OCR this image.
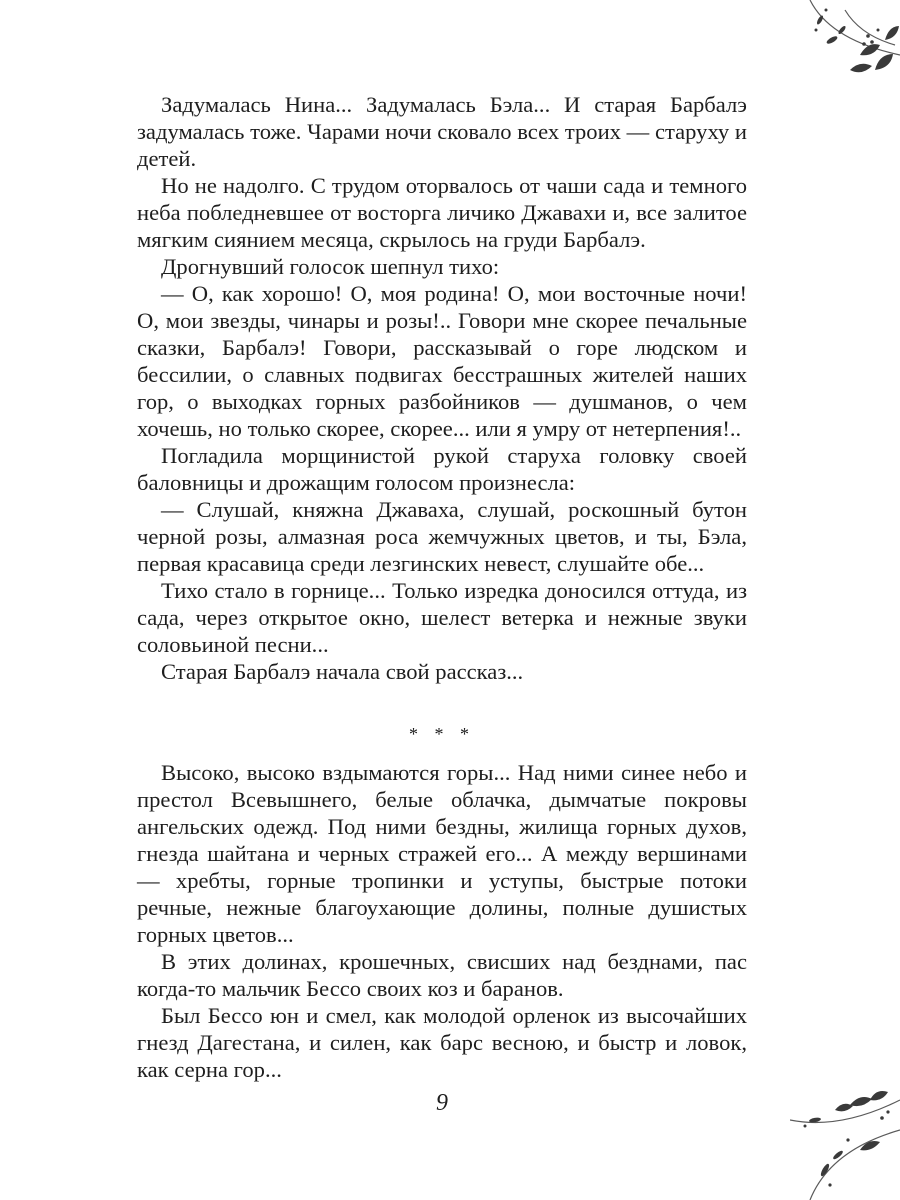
Задумалась Нина... Задумалась Бэла... И старая Барбалэ задумалась тоже. Чарами ночи сковало всех троих — старуху и детей.

Но не надолго. С трудом оторвалось от чаши сада и темного неба побледневшее от восторга личико Джавахи и, все залитое мягким сиянием месяца, скрылось на груди Барбалэ.

Дрогнувший голосок шепнул тихо:

— О, как хорошо! О, моя родина! О, мои восточные ночи! О, мои звезды, чинары и розы!.. Говори мне скорее печальные сказки, Барбалэ! Говори, рассказывай о горе людском и бессилии, о славных подвигах бесстрашных жителей наших гор, о выходках горных разбойников — душманов, о чем хочешь, но только скорее, скорее... или я умру от нетерпения!..

Погладила морщинистой рукой старуха головку своей баловницы и дрожащим голосом произнесла:

— Слушай, княжна Джаваха, слушай, роскошный бутон черной розы, алмазная роса жемчужных цветов, и ты, Бэла, первая красавица среди лезгинских невест, слушайте обе...

Тихо стало в горнице... Только изредка доносился оттуда, из сада, через открытое окно, шелест ветерка и нежные звуки соловьиной песни...

Старая Барбалэ начала свой рассказ...

* * *

Высоко, высоко вздымаются горы... Над ними синее небо и престол Всевышнего, белые облачка, дымчатые покровы ангельских одежд. Под ними бездны, жилища горных духов, гнезда шайтана и черных стражей его... А между вершинами — хребты, горные тропинки и уступы, быстрые потоки речные, нежные благоухающие долины, полные душистых горных цветов...

В этих долинах, крошечных, свисших над безднами, пас когда-то мальчик Бессо своих коз и баранов.

Был Бессо юн и смел, как молодой орленок из высочайших гнезд Дагестана, и силен, как барс весною, и быстр и ловок, как серна гор...

9
